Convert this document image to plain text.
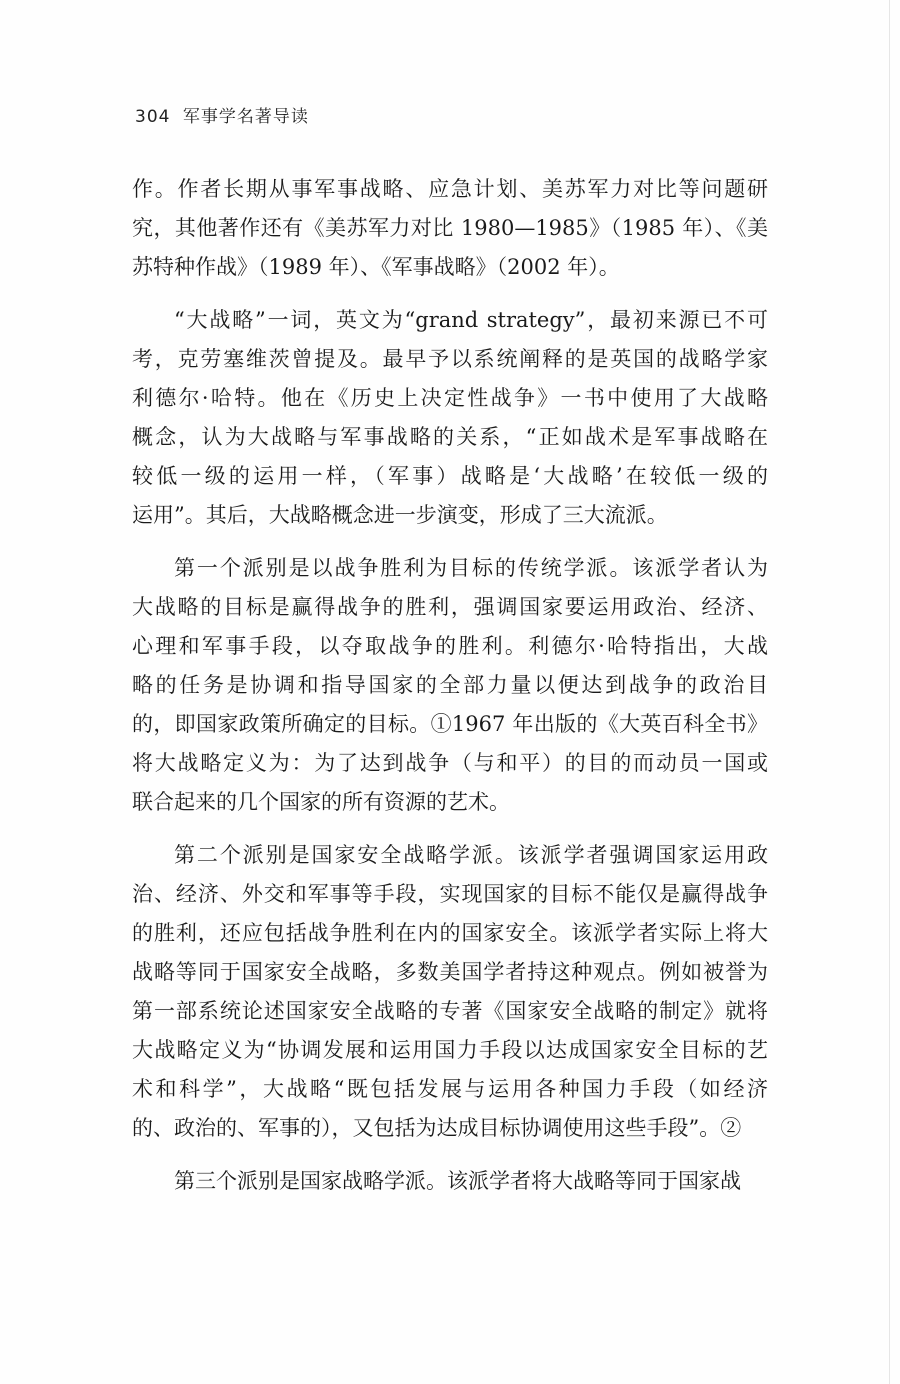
304 军事学名著导读
作。作者长期从事军事战略、应急计划、美苏军力对比等问题研
究，其他著作还有《美苏军力对比 1980—1985》（1985 年）、《美
苏特种作战》（1989 年）、《军事战略》（2002 年）。
“大战略”一词，英文为“grand strategy”，最初来源已不可
考，克劳塞维茨曾提及。最早予以系统阐释的是英国的战略学家
利德尔·哈特。他在《历史上决定性战争》一书中使用了大战略
概念，认为大战略与军事战略的关系，“正如战术是军事战略在
较低一级的运用一样，（军事）战略是‘大战略’在较低一级的
运用”。其后，大战略概念进一步演变，形成了三大流派。
第一个派别是以战争胜利为目标的传统学派。该派学者认为
大战略的目标是赢得战争的胜利，强调国家要运用政治、经济、
心理和军事手段，以夺取战争的胜利。利德尔·哈特指出，大战
略的任务是协调和指导国家的全部力量以便达到战争的政治目
的，即国家政策所确定的目标。①1967 年出版的《大英百科全书》
将大战略定义为：为了达到战争（与和平）的目的而动员一国或
联合起来的几个国家的所有资源的艺术。
第二个派别是国家安全战略学派。该派学者强调国家运用政
治、经济、外交和军事等手段，实现国家的目标不能仅是赢得战争
的胜利，还应包括战争胜利在内的国家安全。该派学者实际上将大
战略等同于国家安全战略，多数美国学者持这种观点。例如被誉为
第一部系统论述国家安全战略的专著《国家安全战略的制定》就将
大战略定义为“协调发展和运用国力手段以达成国家安全目标的艺
术和科学”，大战略“既包括发展与运用各种国力手段（如经济
的、政治的、军事的），又包括为达成目标协调使用这些手段”。②
第三个派别是国家战略学派。该派学者将大战略等同于国家战
